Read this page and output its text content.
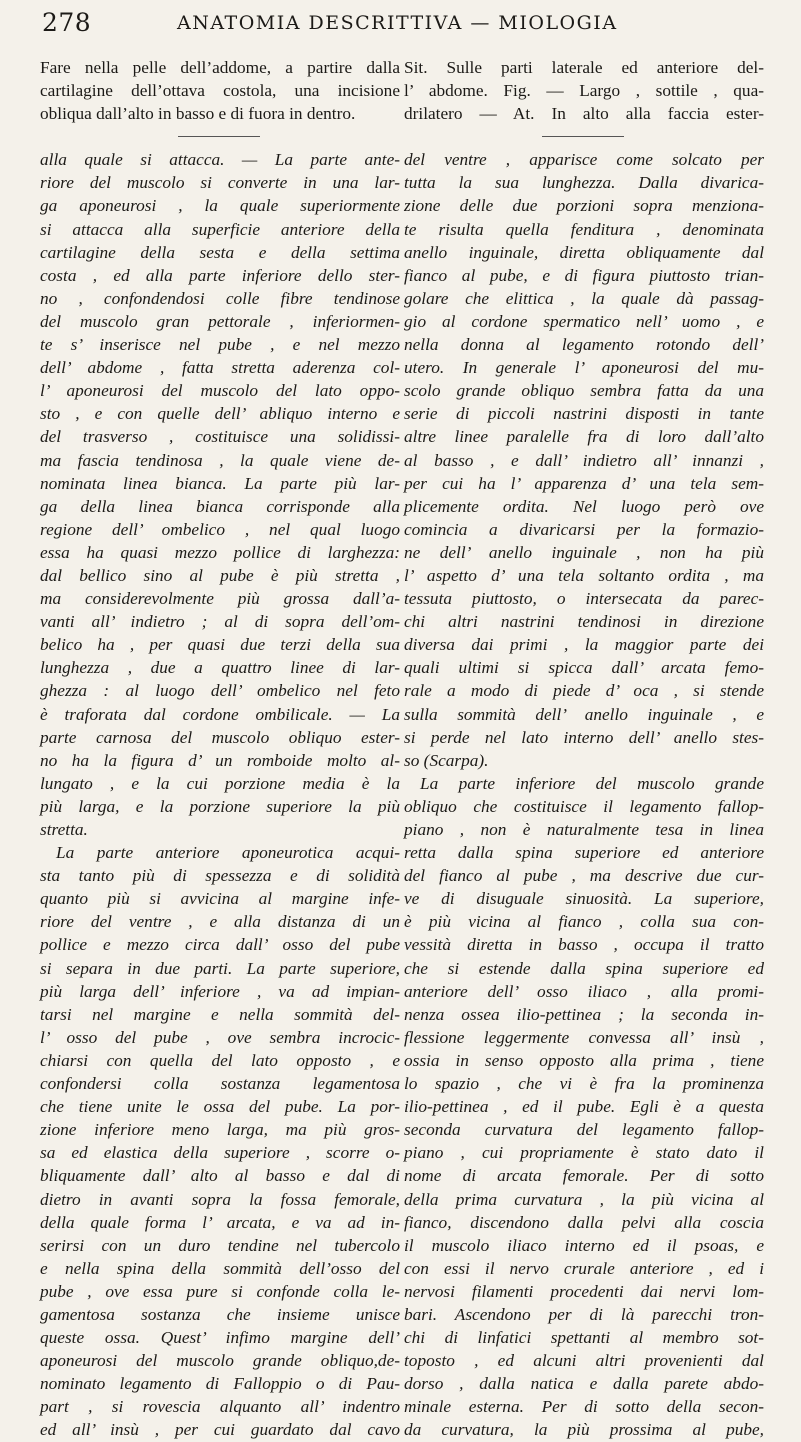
278	ANATOMIA DESCRITTIVA — MIOLOGIA
Fare nella pelle dell’addome, a partire dalla
cartilagine dell’ottava costola, una incisione
obliqua dall’alto in basso e di fuora in dentro.
alla quale si attacca. — La parte ante-
riore del muscolo si converte in una lar-
ga aponeurosi , la quale superiormente
si attacca alla superficie anteriore della
cartilagine della sesta e della settima
costa , ed alla parte inferiore dello ster-
no , confondendosi colle fibre tendinose
del muscolo gran pettorale , inferiormen-
te s’ inserisce nel pube , e nel mezzo
dell’ abdome , fatta stretta aderenza col-
l’ aponeurosi del muscolo del lato oppo-
sto , e con quelle dell’ abliquo interno e
del trasverso , costituisce una solidissi-
ma fascia tendinosa , la quale viene de-
nominata linea bianca. La parte più lar-
ga della linea bianca corrisponde alla
regione dell’ ombelico , nel qual luogo
essa ha quasi mezzo pollice di larghezza:
dal bellico sino al pube è più stretta ,
ma considerevolmente più grossa dall’a-
vanti all’ indietro ; al di sopra dell’om-
belico ha , per quasi due terzi della sua
lunghezza , due a quattro linee di lar-
ghezza : al luogo dell’ ombelico nel feto
è traforata dal cordone ombilicale. — La
parte carnosa del muscolo obliquo ester-
no ha la figura d’ un romboide molto al-
lungato , e la cui porzione media è la
più larga, e la porzione superiore la più
stretta.
La parte anteriore aponeurotica acqui-
sta tanto più di spessezza e di solidità
quanto più si avvicina al margine infe-
riore del ventre , e alla distanza di un
pollice e mezzo circa dall’ osso del pube
si separa in due parti. La parte superiore,
più larga dell’ inferiore , va ad impian-
tarsi nel margine e nella sommità del-
l’ osso del pube , ove sembra incrocic-
chiarsi con quella del lato opposto , e
confondersi colla sostanza legamentosa
che tiene unite le ossa del pube. La por-
zione inferiore meno larga, ma più gros-
sa ed elastica della superiore , scorre o-
bliquamente dall’ alto al basso e dal di
dietro in avanti sopra la fossa femorale,
della quale forma l’ arcata, e va ad in-
serirsi con un duro tendine nel tubercolo
e nella spina della sommità dell’osso del
pube , ove essa pure si confonde colla le-
gamentosa sostanza che insieme unisce
queste ossa. Quest’ infimo margine dell’
aponeurosi del muscolo grande obliquo,de-
nominato legamento di Falloppio o di Pau-
part , si rovescia alquanto all’ indentro
ed all’ insù , per cui guardato dal cavo
Sit. Sulle parti laterale ed anteriore del-
l’ abdome. Fig. — Largo , sottile , qua-
drilatero — At. In alto alla faccia ester-
del ventre , apparisce come solcato per
tutta la sua lunghezza. Dalla divarica-
zione delle due porzioni sopra menziona-
te risulta quella fenditura , denominata
anello inguinale, diretta obliquamente dal
fianco al pube, e di figura piuttosto trian-
golare che elittica , la quale dà passag-
gio al cordone spermatico nell’ uomo , e
nella donna al legamento rotondo dell’
utero. In generale l’ aponeurosi del mu-
scolo grande obliquo sembra fatta da una
serie di piccoli nastrini disposti in tante
altre linee paralelle fra di loro dall’alto
al basso , e dall’ indietro all’ innanzi ,
per cui ha l’ apparenza d’ una tela sem-
plicemente ordita. Nel luogo però ove
comincia a divaricarsi per la formazio-
ne dell’ anello inguinale , non ha più
l’ aspetto d’ una tela soltanto ordita , ma
tessuta piuttosto, o intersecata da parec-
chi altri nastrini tendinosi in direzione
diversa dai primi , la maggior parte dei
quali ultimi si spicca dall’ arcata femo-
rale a modo di piede d’ oca , si stende
sulla sommità dell’ anello inguinale , e
si perde nel lato interno dell’ anello stes-
so (Scarpa).
La parte inferiore del muscolo grande
obliquo che costituisce il legamento fallop-
piano , non è naturalmente tesa in linea
retta dalla spina superiore ed anteriore
del fianco al pube , ma descrive due cur-
ve di disuguale sinuosità. La superiore,
è più vicina al fianco , colla sua con-
vessità diretta in basso , occupa il tratto
che si estende dalla spina superiore ed
anteriore dell’ osso iliaco , alla promi-
nenza ossea ilio-pettinea ; la seconda in-
flessione leggermente convessa all’ insù ,
ossia in senso opposto alla prima , tiene
lo spazio , che vi è fra la prominenza
ilio-pettinea , ed il pube. Egli è a questa
seconda curvatura del legamento fallop-
piano , cui propriamente è stato dato il
nome di arcata femorale. Per di sotto
della prima curvatura , la più vicina al
fianco, discendono dalla pelvi alla coscia
il muscolo iliaco interno ed il psoas, e
con essi il nervo crurale anteriore , ed i
nervosi filamenti procedenti dai nervi lom-
bari. Ascendono per di là parecchi tron-
chi di linfatici spettanti al membro sot-
toposto , ed alcuni altri provenienti dal
dorso , dalla natica e dalla parete abdo-
minale esterna. Per di sotto della secon-
da curvatura, la più prossima al pube,
